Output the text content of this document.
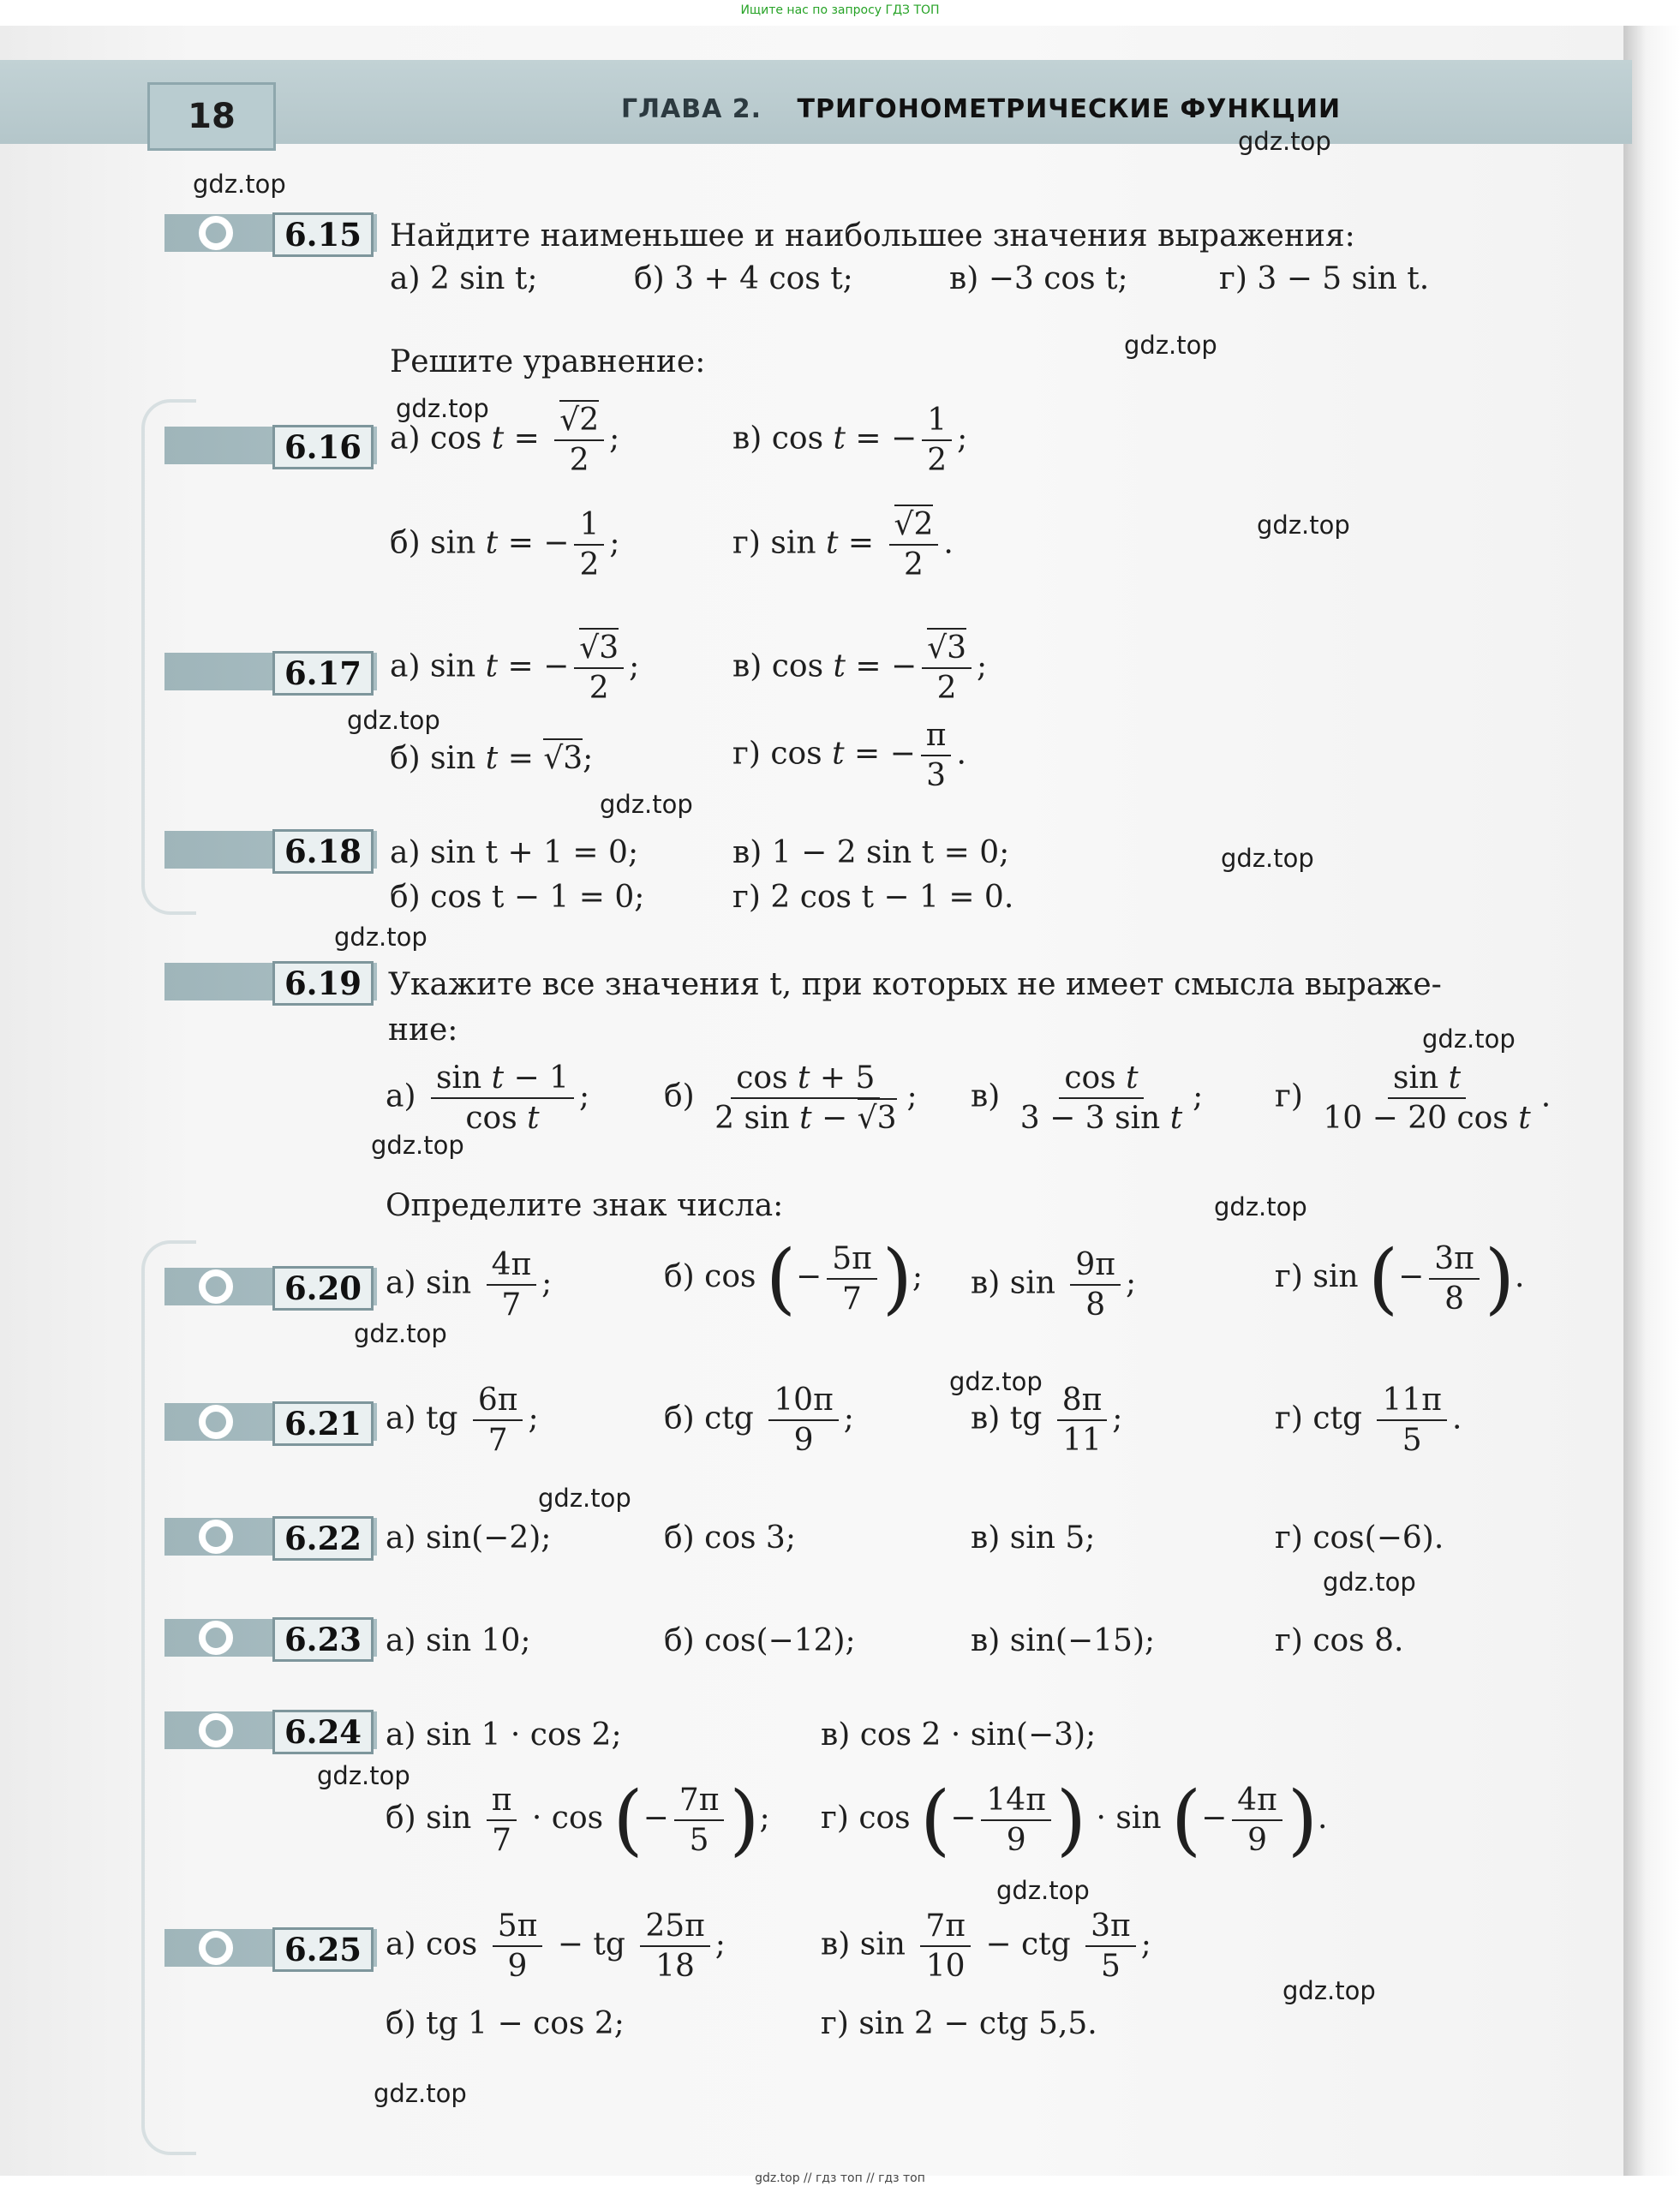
Ищите нас по запросу ГДЗ ТОП
gdz.top // гдз топ // гдз топ
18	ГЛАВА 2. ТРИГОНОМЕТРИЧЕСКИЕ ФУНКЦИИ
gdz.top
gdz.top
gdz.top
gdz.top
gdz.top
gdz.top
gdz.top
gdz.top
gdz.top
gdz.top
gdz.top
gdz.top
gdz.top
gdz.top
gdz.top
gdz.top
gdz.top
gdz.top
gdz.top
gdz.top
6.15 Найдите наименьшее и наибольшее значения выражения:
а) 2 sin t;	б) 3 + 4 cos t;	в) −3 cos t;	г) 3 − 5 sin t.
Решите уравнение:
6.16 а) $\cos t = \frac{√2}{2}$ ;	в) cos t = − $\frac{1}{2}$ ;
б) sin t = − $\frac{1}{2}$ ;	г) $\sin t = \frac{√2}{2}$ .
6.17 а) sin t = − $\frac{√3}{2}$ ;	в) cos t = − $\frac{√3}{2}$ ;
б) sin t = √3;	г) cos t = − $\frac{\pi}{3}$ .
6.18 а) sin t + 1 = 0;	в) 1 − 2 sin t = 0;
б) cos t − 1 = 0;	г) 2 cos t − 1 = 0.
6.19 Укажите все значения t, при которых не имеет смысла выраже-
ние:
$а) \frac{\text{sin t − 1}}{\text{cos t}}$ ; $б) \frac{\text{cos t + 5}}{\text{2 sin t − √3}}$ ; $в) \frac{\text{cos t}}{\text{3 − 3 sin t}}$ ; $г) \frac{\text{sin t}}{\text{10 − 20 cos t}}$ .
Определите знак числа:
6.20 а) $\sin \frac{4\pi}{7}$ ;	б) cos (− $\frac{5\pi}{7}$ ); в) $\sin \frac{9\pi}{8}$ ;	г) sin (− $\frac{3\pi}{8}$ ).
6.21 а) tg $\frac{6\pi}{7}$ ;	б) ctg $\frac{10\pi}{9}$ ;	в) tg $\frac{8\pi}{11}$ ;	г) ctg $\frac{11\pi}{5}$ .
6.22 а) sin(−2);	б) cos 3;	в) sin 5;	г) cos(−6).
6.23 а) sin 10;	б) cos(−12);	в) sin(−15);	г) cos 8.
6.24 а) sin 1 · cos 2;	в) cos 2 · sin(−3);
б) $\sin \frac{\pi}{7} \cdot \cos$ (− $\frac{7\pi}{5}$ ); г) cos (− $\frac{14\pi}{9}$ ) · sin (− $\frac{4\pi}{9}$ ).
6.25 а) $\cos \frac{5\pi}{9}$ − tg $\frac{25\pi}{18}$ ;	в) $\sin \frac{7\pi}{10}$ − ctg $\frac{3\pi}{5}$ ;
б) tg 1 − cos 2;	г) sin 2 − ctg 5,5.
